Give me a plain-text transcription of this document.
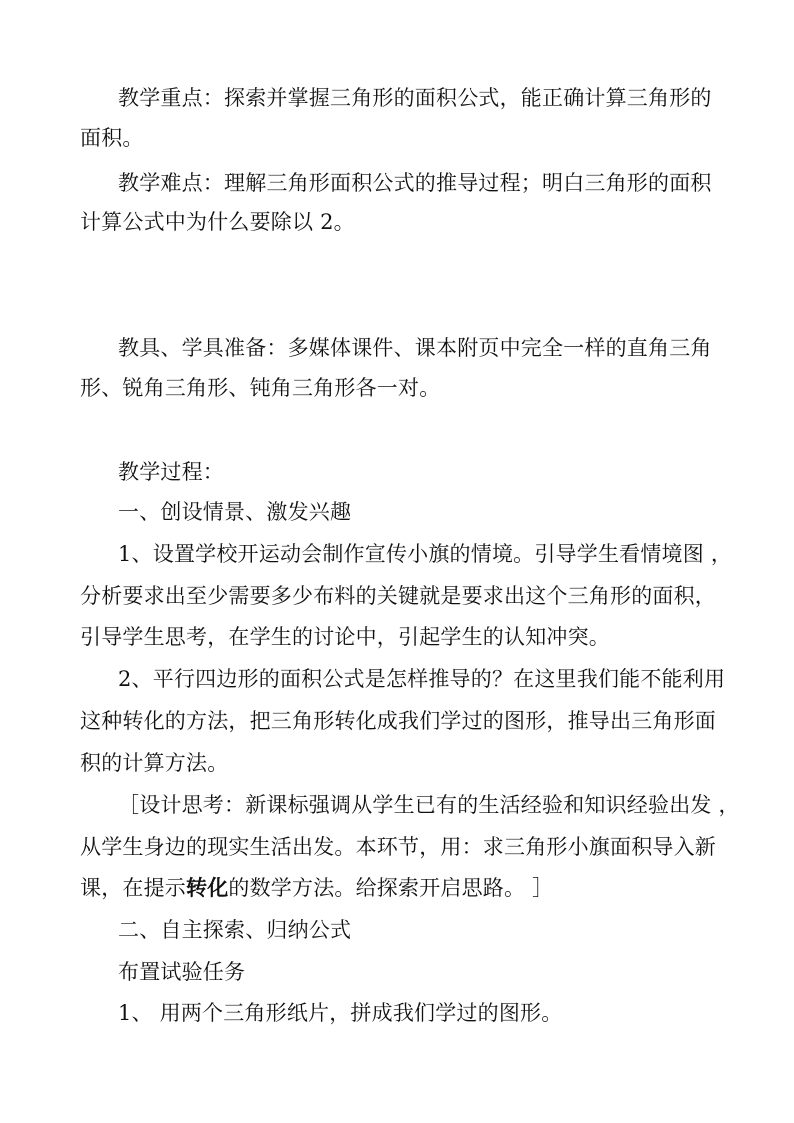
教学重点：探索并掌握三角形的面积公式，能正确计算三角形的
面积。
教学难点：理解三角形面积公式的推导过程；明白三角形的面积
计算公式中为什么要除以 2。
教具、学具准备：多媒体课件、课本附页中完全一样的直角三角
形、锐角三角形、钝角三角形各一对。
教学过程：
一、创设情景、激发兴趣
1、设置学校开运动会制作宣传小旗的情境。引导学生看情境图 ，
分析要求出至少需要多少布料的关键就是要求出这个三角形的面积，
引导学生思考，在学生的讨论中，引起学生的认知冲突。
2、平行四边形的面积公式是怎样推导的？在这里我们能不能利用
这种转化的方法，把三角形转化成我们学过的图形，推导出三角形面
积的计算方法。
［设计思考：新课标强调从学生已有的生活经验和知识经验出发 ，
从学生身边的现实生活出发。本环节，用：求三角形小旗面积导入新
课，在提示转化的数学方法。给探索开启思路。 ］
二、自主探索、归纳公式
布置试验任务
1、 用两个三角形纸片，拼成我们学过的图形。
